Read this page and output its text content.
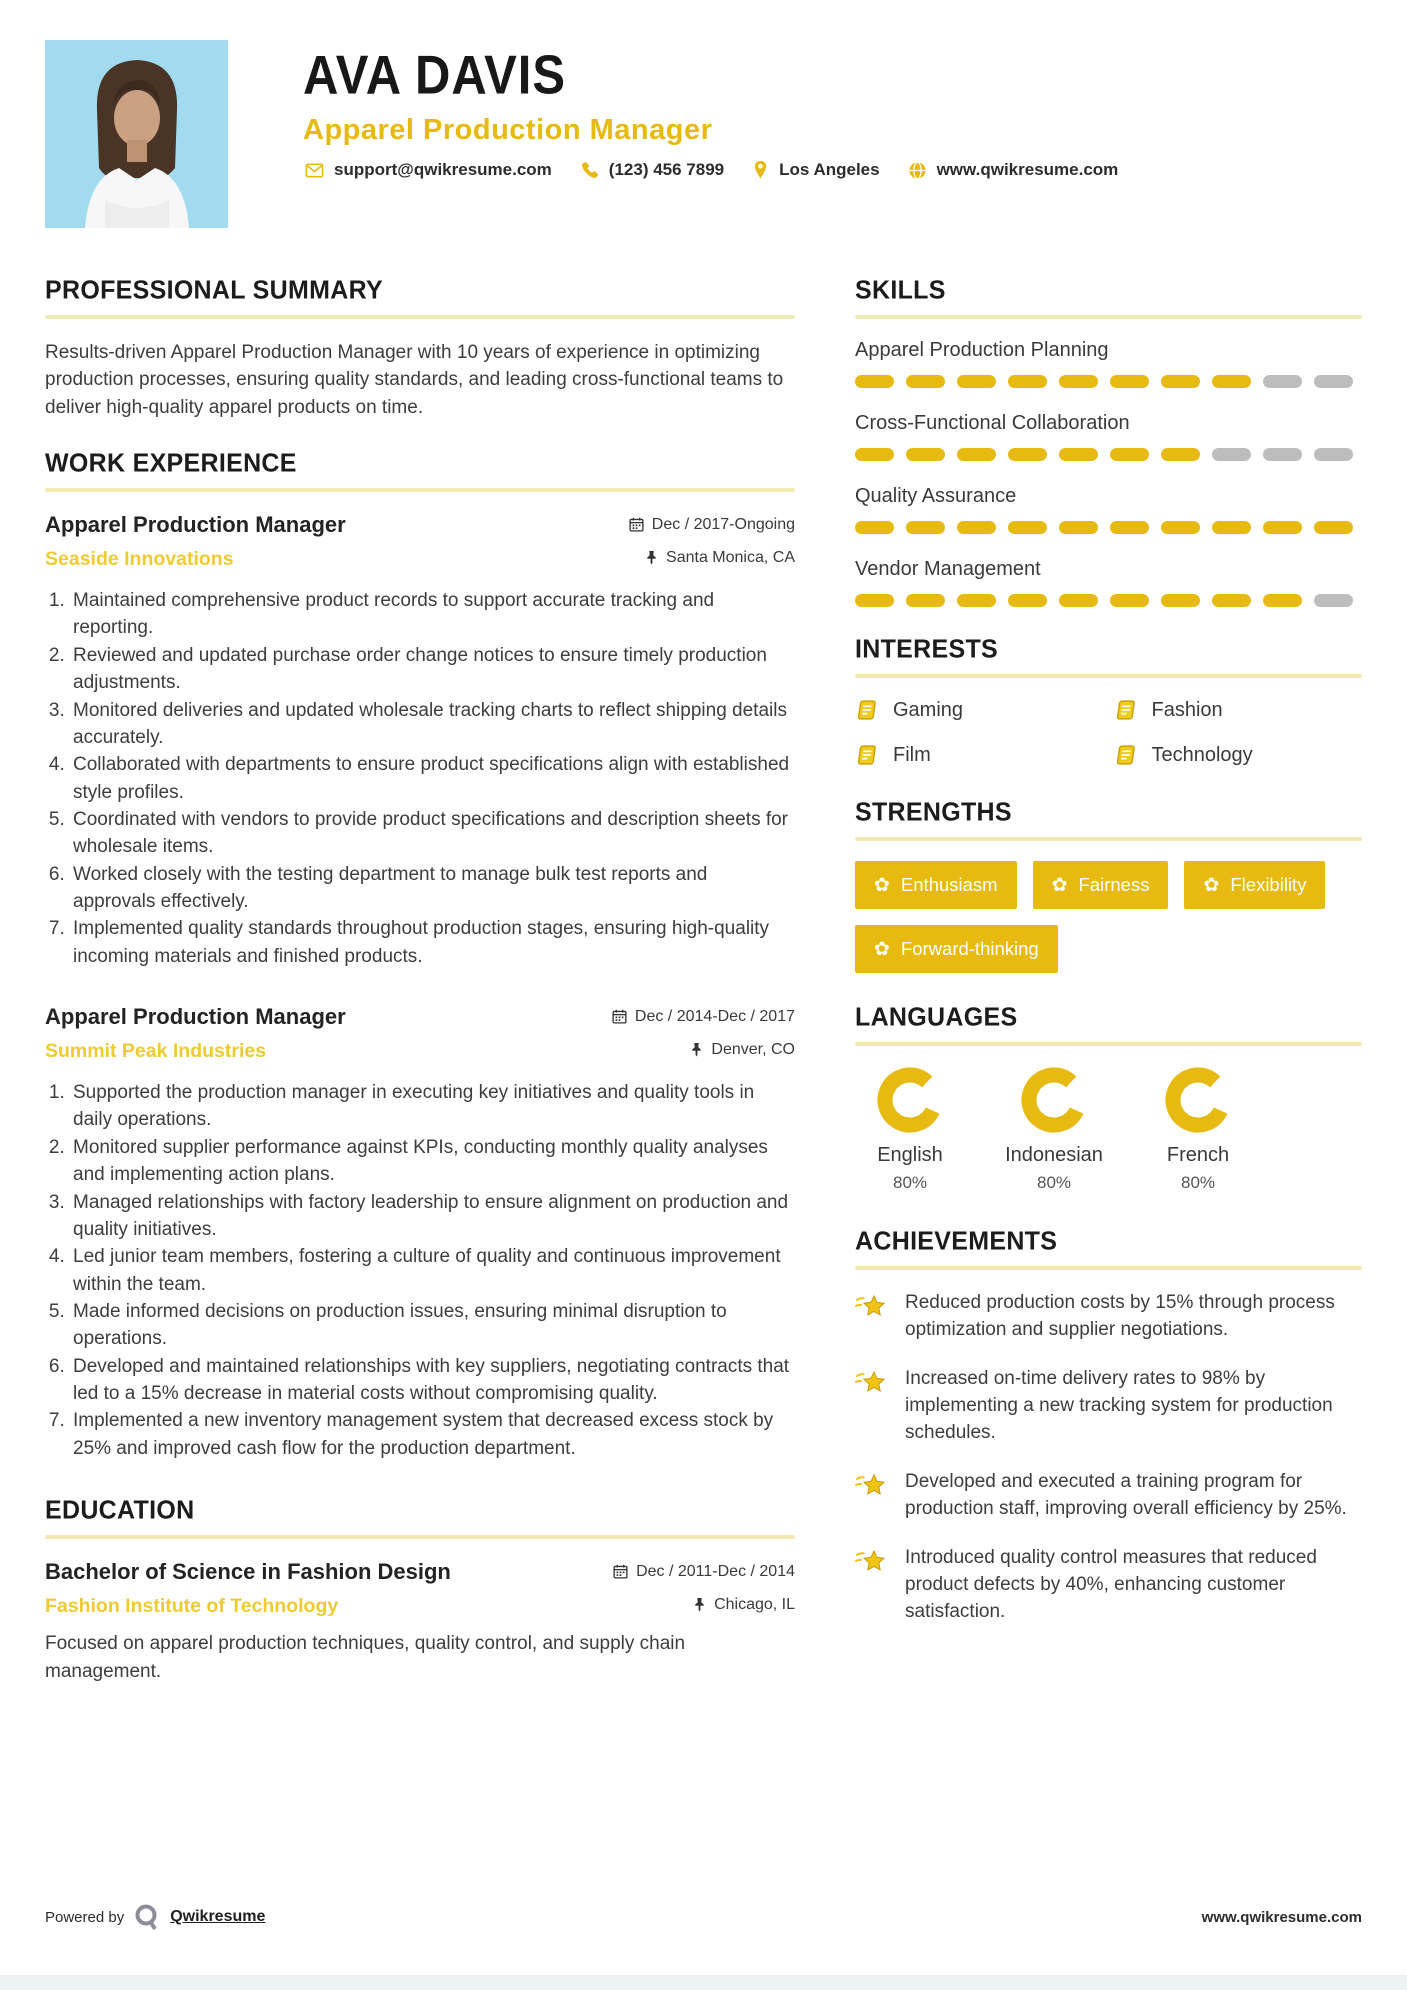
AVA DAVIS
Apparel Production Manager
support@qwikresume.com	(123) 456 7899	Los Angeles	www.qwikresume.com
PROFESSIONAL SUMMARY

Results-driven Apparel Production Manager with 10 years of experience in optimizing production processes, ensuring quality standards, and leading cross-functional teams to deliver high-quality apparel products on time.

WORK EXPERIENCE
Apparel Production Manager	Dec / 2017-Ongoing
Seaside Innovations	Santa Monica, CA
1. Maintained comprehensive product records to support accurate tracking and reporting.
2. Reviewed and updated purchase order change notices to ensure timely production adjustments.
3. Monitored deliveries and updated wholesale tracking charts to reflect shipping details accurately.
4. Collaborated with departments to ensure product specifications align with established style profiles.
5. Coordinated with vendors to provide product specifications and description sheets for wholesale items.
6. Worked closely with the testing department to manage bulk test reports and approvals effectively.
7. Implemented quality standards throughout production stages, ensuring high-quality incoming materials and finished products.
Apparel Production Manager	Dec / 2014-Dec / 2017
Summit Peak Industries	Denver, CO
1. Supported the production manager in executing key initiatives and quality tools in daily operations.
2. Monitored supplier performance against KPIs, conducting monthly quality analyses and implementing action plans.
3. Managed relationships with factory leadership to ensure alignment on production and quality initiatives.
4. Led junior team members, fostering a culture of quality and continuous improvement within the team.
5. Made informed decisions on production issues, ensuring minimal disruption to operations.
6. Developed and maintained relationships with key suppliers, negotiating contracts that led to a 15% decrease in material costs without compromising quality.
7. Implemented a new inventory management system that decreased excess stock by 25% and improved cash flow for the production department.
EDUCATION
Bachelor of Science in Fashion Design	Dec / 2011-Dec / 2014
Fashion Institute of Technology	Chicago, IL

Focused on apparel production techniques, quality control, and supply chain management.

SKILLS
Apparel Production Planning
Cross-Functional Collaboration
Quality Assurance
Vendor Management
INTERESTS
Gaming	Fashion
Film	Technology
STRENGTHS
✿ Enthusiasm	✿ Fairness	✿ Flexibility
✿ Forward-thinking
LANGUAGES
English
80%
Indonesian
80%
French
80%
ACHIEVEMENTS
Reduced production costs by 15% through process optimization and supplier negotiations.
Increased on-time delivery rates to 98% by implementing a new tracking system for production schedules.
Developed and executed a training program for production staff, improving overall efficiency by 25%.
Introduced quality control measures that reduced product defects by 40%, enhancing customer satisfaction.
Powered by	Qwikresume	www.qwikresume.com
